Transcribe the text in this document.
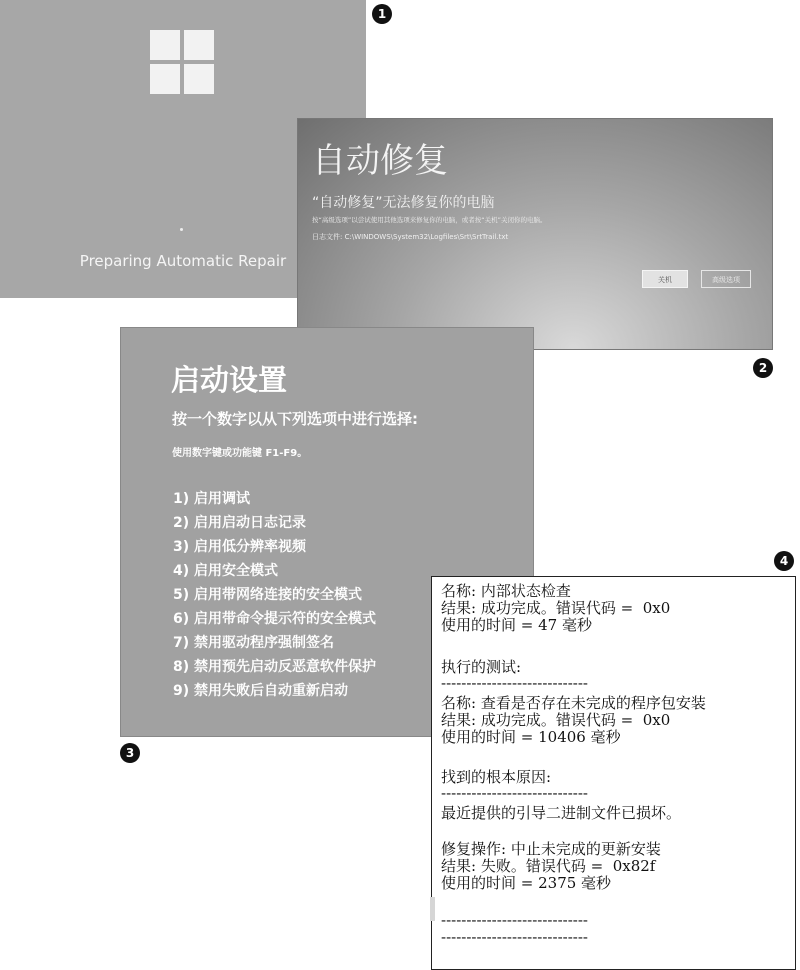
Preparing Automatic Repair
自动修复
“自动修复”无法修复你的电脑
按“高级选项”以尝试使用其他选项来修复你的电脑，或者按“关机”关闭你的电脑。
日志文件: C:\WINDOWS\System32\Logfiles\Srt\SrtTrail.txt
关机	高级选项
启动设置
按一个数字以从下列选项中进行选择:
使用数字键或功能键 F1-F9。
1) 启用调试
2) 启用启动日志记录
3) 启用低分辨率视频
4) 启用安全模式
5) 启用带网络连接的安全模式
6) 启用带命令提示符的安全模式
7) 禁用驱动程序强制签名
8) 禁用预先启动反恶意软件保护
9) 禁用失败后自动重新启动
名称: 内部状态检查
结果: 成功完成。错误代码 =  0x0
使用的时间 = 47 毫秒
执行的测试:
-----------------------------
名称: 查看是否存在未完成的程序包安装
结果: 成功完成。错误代码 =  0x0
使用的时间 = 10406 毫秒
找到的根本原因:
-----------------------------
最近提供的引导二进制文件已损坏。
修复操作: 中止未完成的更新安装
结果: 失败。错误代码 =  0x82f
使用的时间 = 2375 毫秒
-----------------------------
-----------------------------
1
2
3
4
